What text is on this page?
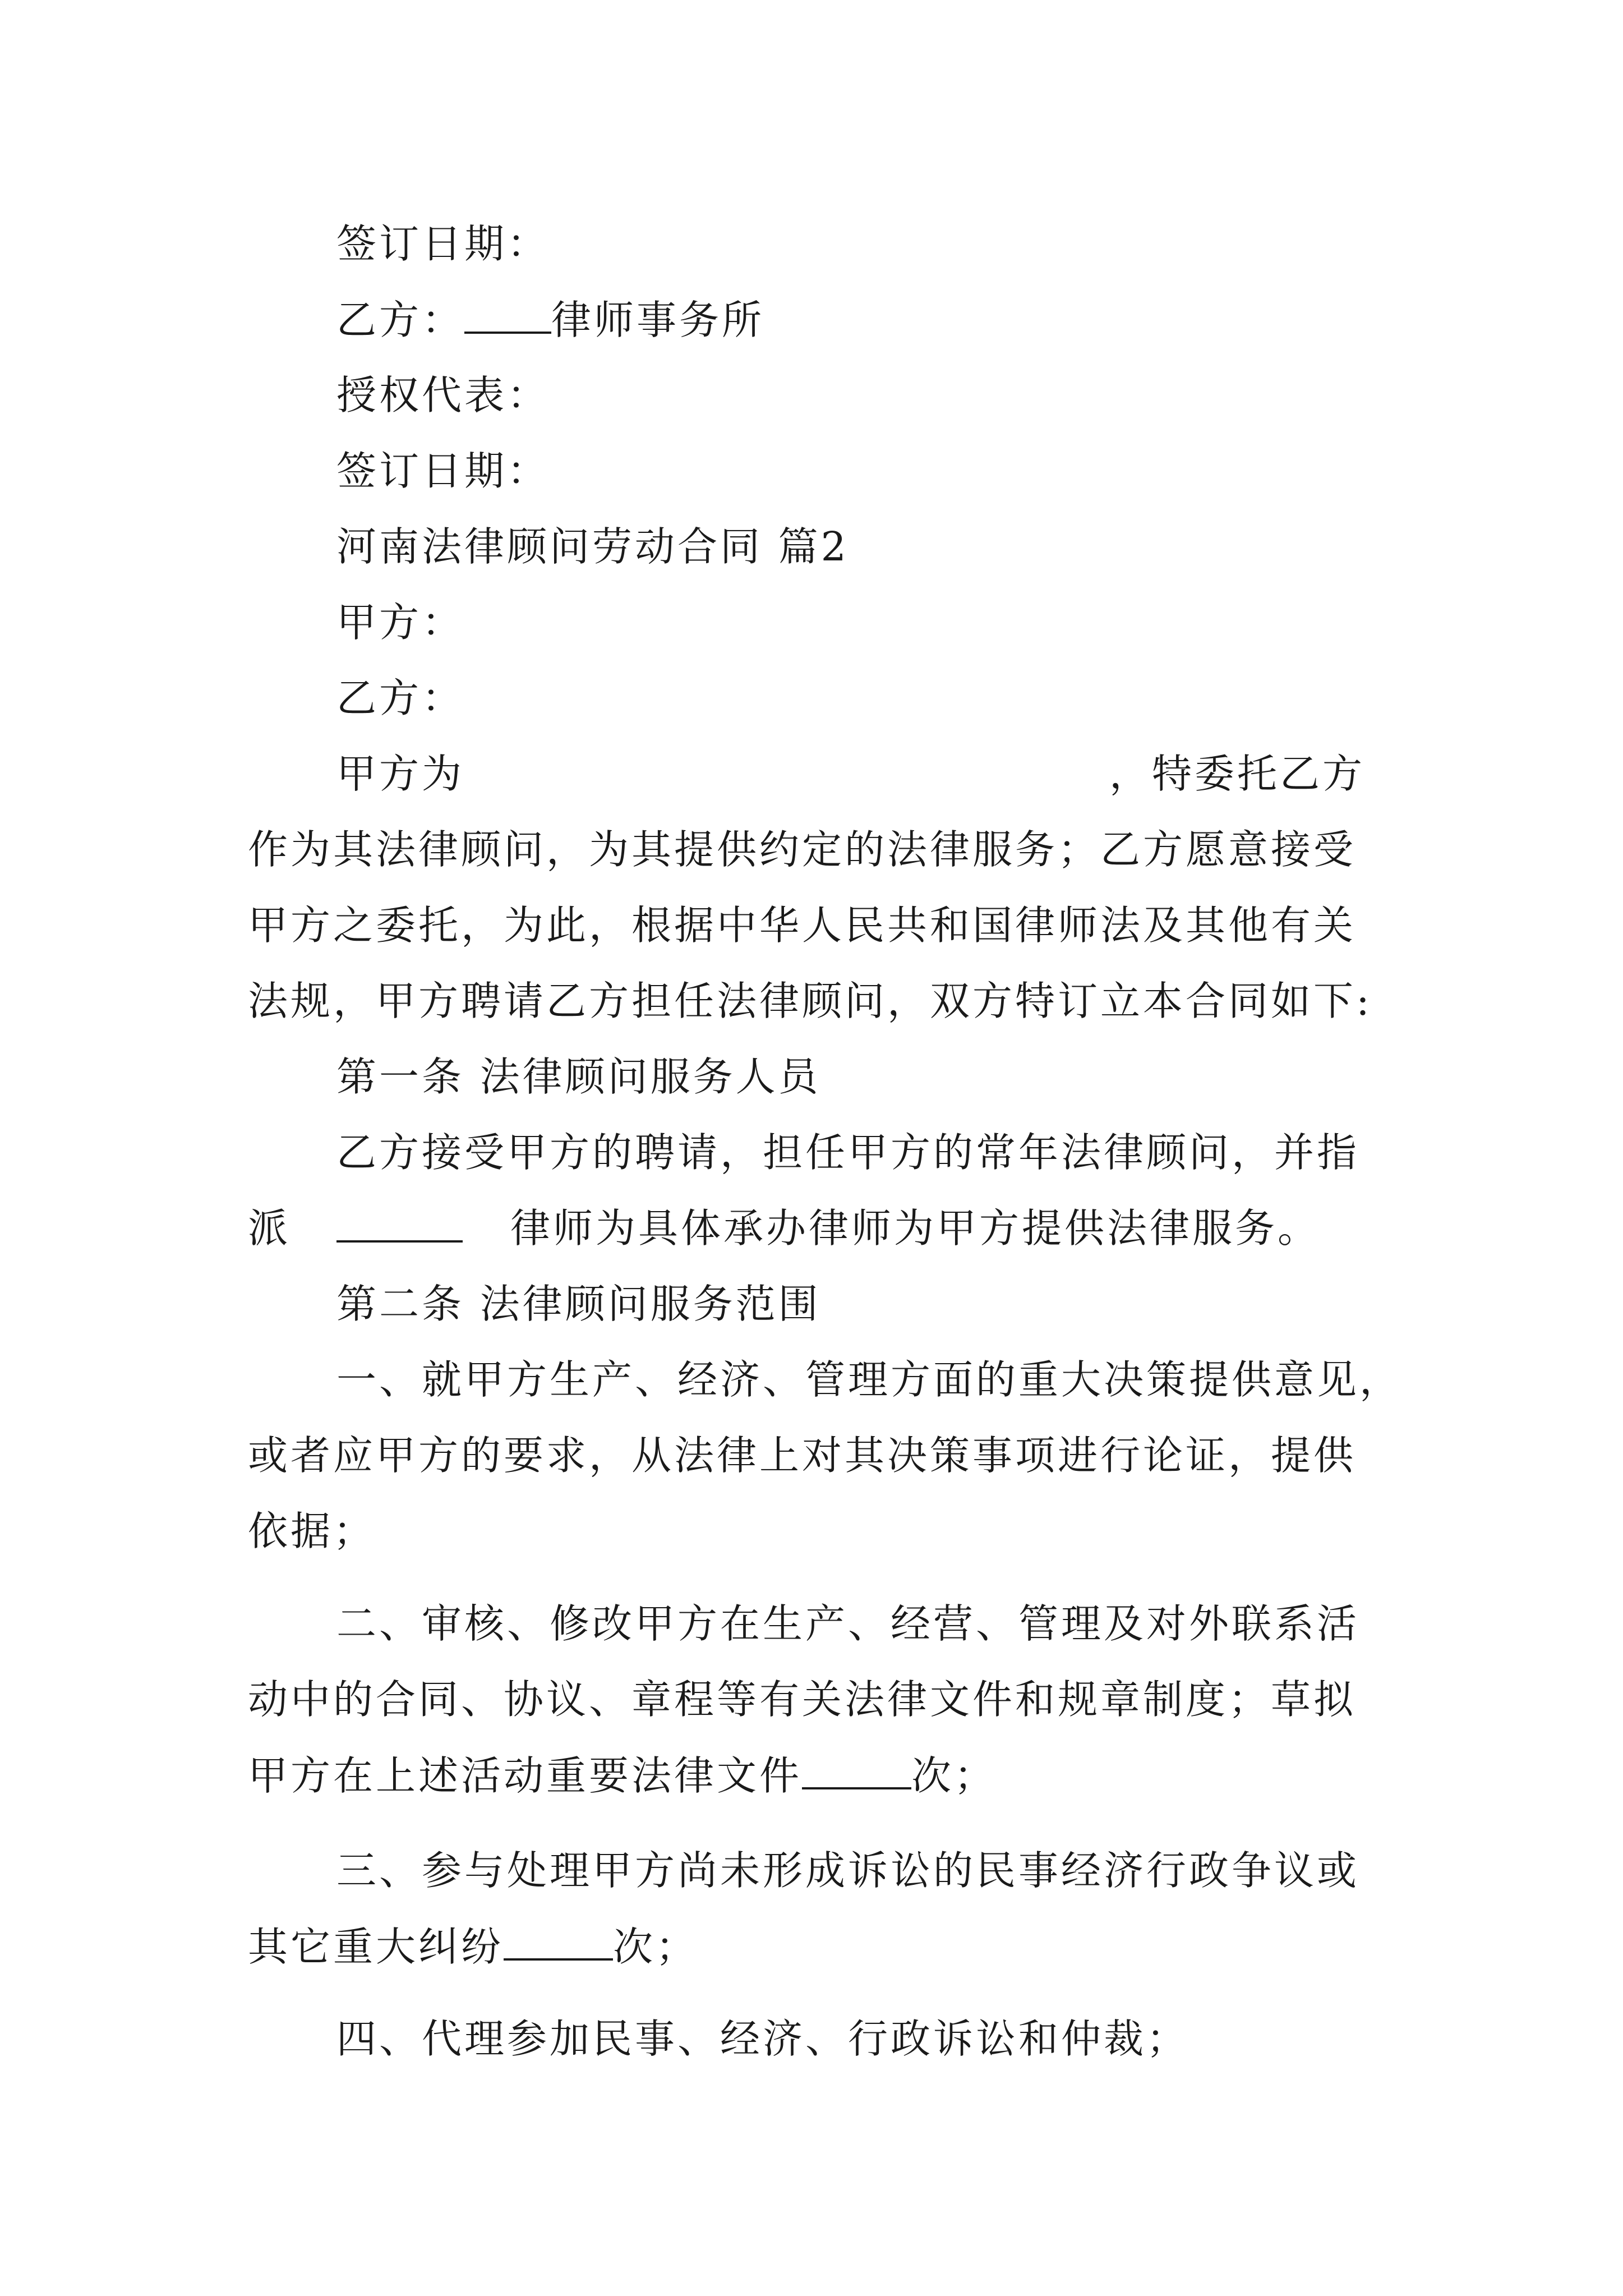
签订日期：
乙方： 律师事务所
授权代表：
签订日期：
河南法律顾问劳动合同 篇2
甲方：
乙方：
甲方为	，特委托乙方
作为其法律顾问，为其提供约定的法律服务；乙方愿意接受
甲方之委托，为此，根据中华人民共和国律师法及其他有关
法规，甲方聘请乙方担任法律顾问，双方特订立本合同如下:
第一条 法律顾问服务人员
乙方接受甲方的聘请，担任甲方的常年法律顾问，并指
派	律师为具体承办律师为甲方提供法律服务。
第二条 法律顾问服务范围
一、就甲方生产、经济、管理方面的重大决策提供意见，
或者应甲方的要求，从法律上对其决策事项进行论证，提供
依据；
二、审核、修改甲方在生产、经营、管理及对外联系活
动中的合同、协议、章程等有关法律文件和规章制度；草拟
甲方在上述活动重要法律文件	次；
三、参与处理甲方尚未形成诉讼的民事经济行政争议或
其它重大纠纷	次；
四、代理参加民事、经济、行政诉讼和仲裁；
